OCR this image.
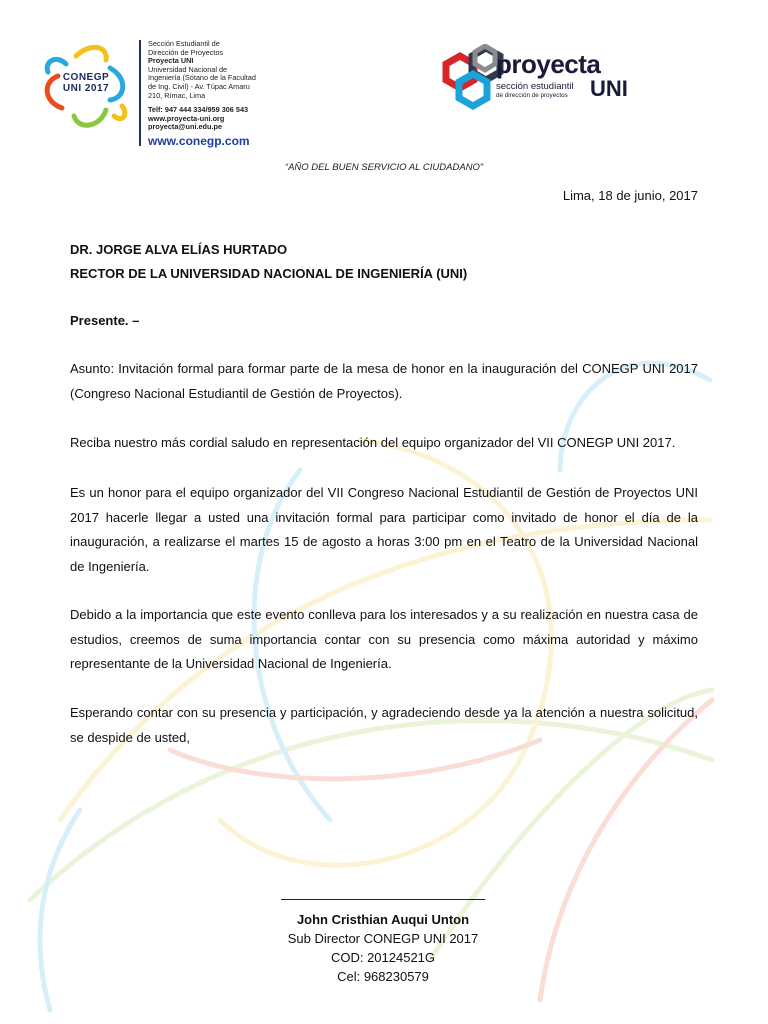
CONEGP
UNI 2017
Sección Estudiantil de
Dirección de Proyectos
Proyecta UNI
Universidad Nacional de
Ingeniería (Sótano de la Facultad
de Ing. Civil) - Av. Túpac Amaru
210, Rímac, Lima
Telf: 947 444 334/959 306 543
www.proyecta-uni.org
proyecta@uni.edu.pe
www.conegp.com
proyecta
sección estudiantil
de dirección de proyectos	UNI
“AÑO DEL BUEN SERVICIO AL CIUDADANO”
Lima, 18 de junio, 2017
DR. JORGE ALVA ELÍAS HURTADO
RECTOR DE LA UNIVERSIDAD NACIONAL DE INGENIERÍA (UNI)
Presente. –
Asunto: Invitación formal para formar parte de la mesa de honor en la inauguración del CONEGP UNI 2017 (Congreso Nacional Estudiantil de Gestión de Proyectos).
Reciba nuestro más cordial saludo en representación del equipo organizador del VII CONEGP UNI 2017.
Es un honor para el equipo organizador del VII Congreso Nacional Estudiantil de Gestión de Proyectos UNI 2017 hacerle llegar a usted una invitación formal para participar como invitado de honor el día de la inauguración, a realizarse el martes 15 de agosto a horas 3:00 pm en el Teatro de la Universidad Nacional de Ingeniería.
Debido a la importancia que este evento conlleva para los interesados y a su realización en nuestra casa de estudios, creemos de suma importancia contar con su presencia como máxima autoridad y máximo representante de la Universidad Nacional de Ingeniería.
Esperando contar con su presencia y participación, y agradeciendo desde ya la atención a nuestra solicitud, se despide de usted,
John Cristhian Auqui Unton
Sub Director CONEGP UNI 2017
COD: 20124521G
Cel: 968230579
